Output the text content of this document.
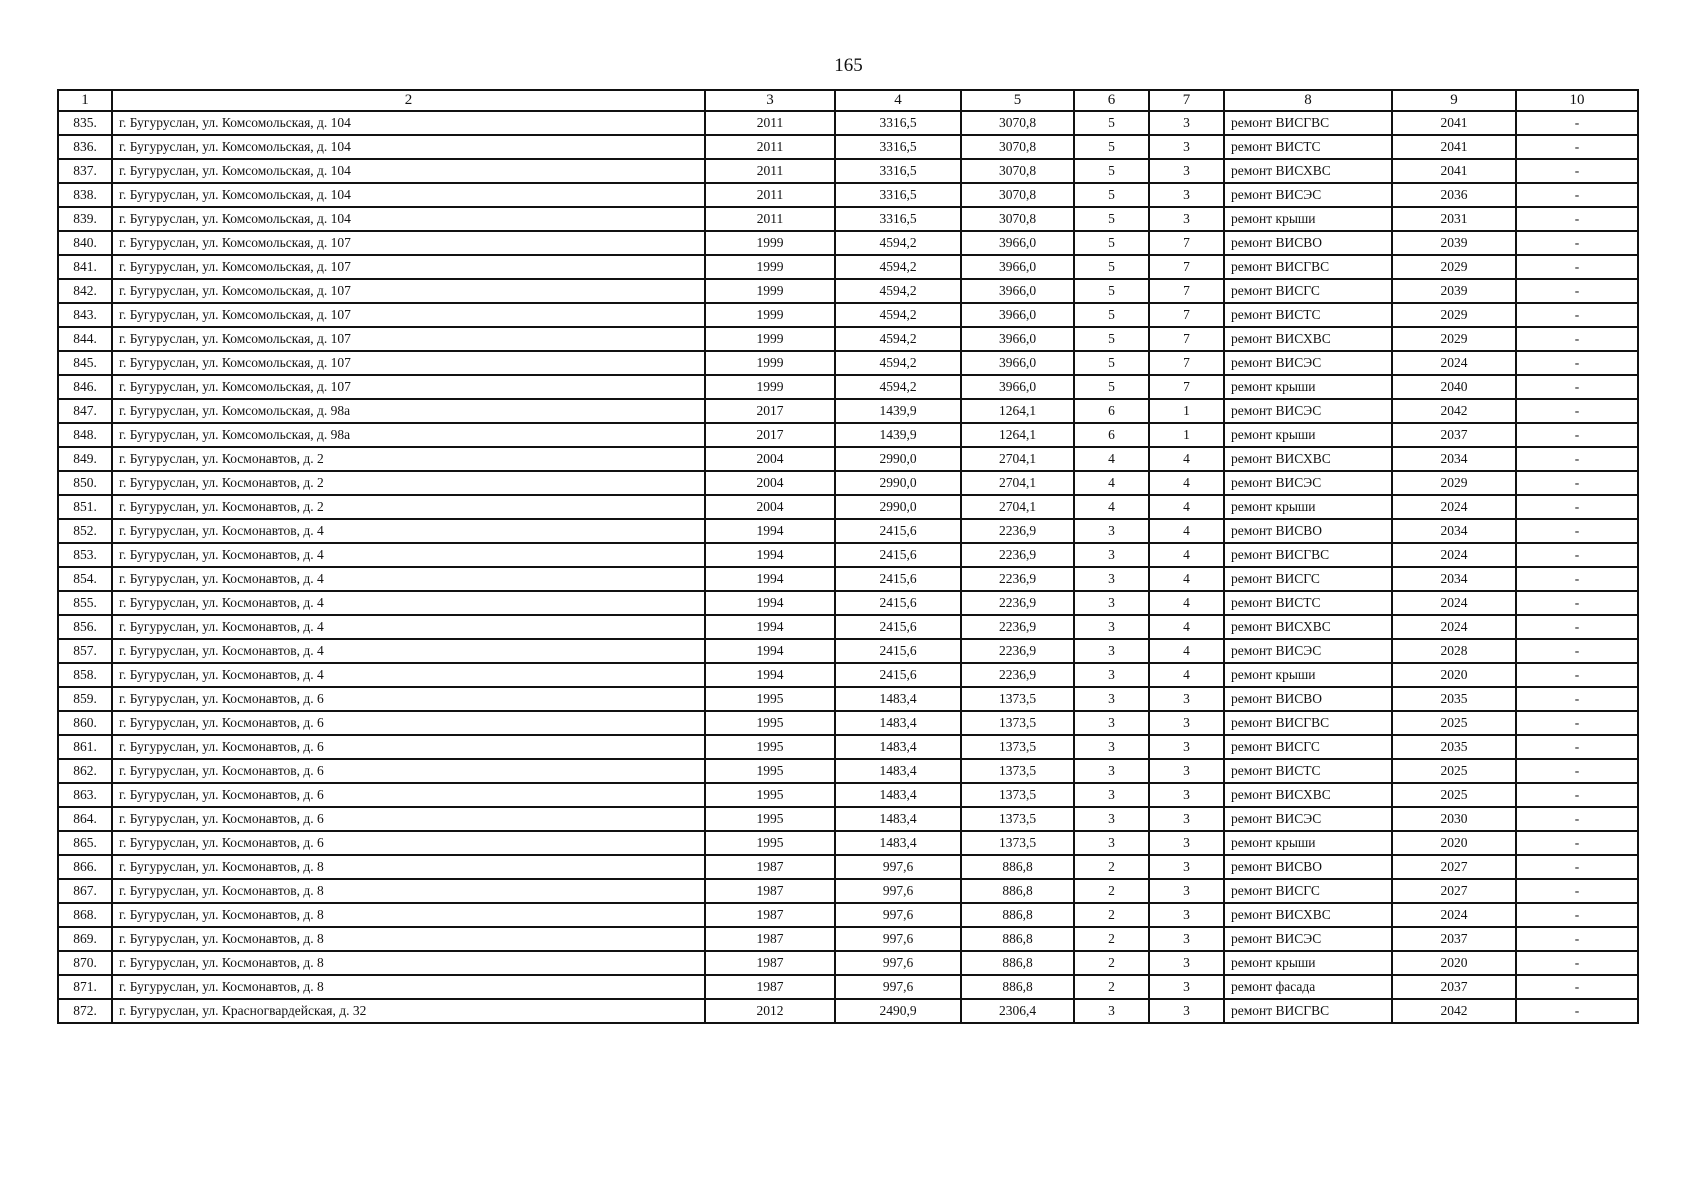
165
1	2	3	4	5	6	7	8	9	10
835.	г. Бугуруслан, ул. Комсомольская, д. 104	2011	3316,5	3070,8	5	3	ремонт ВИСГВС	2041	-
836.	г. Бугуруслан, ул. Комсомольская, д. 104	2011	3316,5	3070,8	5	3	ремонт ВИСТС	2041	-
837.	г. Бугуруслан, ул. Комсомольская, д. 104	2011	3316,5	3070,8	5	3	ремонт ВИСХВС	2041	-
838.	г. Бугуруслан, ул. Комсомольская, д. 104	2011	3316,5	3070,8	5	3	ремонт ВИСЭС	2036	-
839.	г. Бугуруслан, ул. Комсомольская, д. 104	2011	3316,5	3070,8	5	3	ремонт крыши	2031	-
840.	г. Бугуруслан, ул. Комсомольская, д. 107	1999	4594,2	3966,0	5	7	ремонт ВИСВО	2039	-
841.	г. Бугуруслан, ул. Комсомольская, д. 107	1999	4594,2	3966,0	5	7	ремонт ВИСГВС	2029	-
842.	г. Бугуруслан, ул. Комсомольская, д. 107	1999	4594,2	3966,0	5	7	ремонт ВИСГС	2039	-
843.	г. Бугуруслан, ул. Комсомольская, д. 107	1999	4594,2	3966,0	5	7	ремонт ВИСТС	2029	-
844.	г. Бугуруслан, ул. Комсомольская, д. 107	1999	4594,2	3966,0	5	7	ремонт ВИСХВС	2029	-
845.	г. Бугуруслан, ул. Комсомольская, д. 107	1999	4594,2	3966,0	5	7	ремонт ВИСЭС	2024	-
846.	г. Бугуруслан, ул. Комсомольская, д. 107	1999	4594,2	3966,0	5	7	ремонт крыши	2040	-
847.	г. Бугуруслан, ул. Комсомольская, д. 98а	2017	1439,9	1264,1	6	1	ремонт ВИСЭС	2042	-
848.	г. Бугуруслан, ул. Комсомольская, д. 98а	2017	1439,9	1264,1	6	1	ремонт крыши	2037	-
849.	г. Бугуруслан, ул. Космонавтов, д. 2	2004	2990,0	2704,1	4	4	ремонт ВИСХВС	2034	-
850.	г. Бугуруслан, ул. Космонавтов, д. 2	2004	2990,0	2704,1	4	4	ремонт ВИСЭС	2029	-
851.	г. Бугуруслан, ул. Космонавтов, д. 2	2004	2990,0	2704,1	4	4	ремонт крыши	2024	-
852.	г. Бугуруслан, ул. Космонавтов, д. 4	1994	2415,6	2236,9	3	4	ремонт ВИСВО	2034	-
853.	г. Бугуруслан, ул. Космонавтов, д. 4	1994	2415,6	2236,9	3	4	ремонт ВИСГВС	2024	-
854.	г. Бугуруслан, ул. Космонавтов, д. 4	1994	2415,6	2236,9	3	4	ремонт ВИСГС	2034	-
855.	г. Бугуруслан, ул. Космонавтов, д. 4	1994	2415,6	2236,9	3	4	ремонт ВИСТС	2024	-
856.	г. Бугуруслан, ул. Космонавтов, д. 4	1994	2415,6	2236,9	3	4	ремонт ВИСХВС	2024	-
857.	г. Бугуруслан, ул. Космонавтов, д. 4	1994	2415,6	2236,9	3	4	ремонт ВИСЭС	2028	-
858.	г. Бугуруслан, ул. Космонавтов, д. 4	1994	2415,6	2236,9	3	4	ремонт крыши	2020	-
859.	г. Бугуруслан, ул. Космонавтов, д. 6	1995	1483,4	1373,5	3	3	ремонт ВИСВО	2035	-
860.	г. Бугуруслан, ул. Космонавтов, д. 6	1995	1483,4	1373,5	3	3	ремонт ВИСГВС	2025	-
861.	г. Бугуруслан, ул. Космонавтов, д. 6	1995	1483,4	1373,5	3	3	ремонт ВИСГС	2035	-
862.	г. Бугуруслан, ул. Космонавтов, д. 6	1995	1483,4	1373,5	3	3	ремонт ВИСТС	2025	-
863.	г. Бугуруслан, ул. Космонавтов, д. 6	1995	1483,4	1373,5	3	3	ремонт ВИСХВС	2025	-
864.	г. Бугуруслан, ул. Космонавтов, д. 6	1995	1483,4	1373,5	3	3	ремонт ВИСЭС	2030	-
865.	г. Бугуруслан, ул. Космонавтов, д. 6	1995	1483,4	1373,5	3	3	ремонт крыши	2020	-
866.	г. Бугуруслан, ул. Космонавтов, д. 8	1987	997,6	886,8	2	3	ремонт ВИСВО	2027	-
867.	г. Бугуруслан, ул. Космонавтов, д. 8	1987	997,6	886,8	2	3	ремонт ВИСГС	2027	-
868.	г. Бугуруслан, ул. Космонавтов, д. 8	1987	997,6	886,8	2	3	ремонт ВИСХВС	2024	-
869.	г. Бугуруслан, ул. Космонавтов, д. 8	1987	997,6	886,8	2	3	ремонт ВИСЭС	2037	-
870.	г. Бугуруслан, ул. Космонавтов, д. 8	1987	997,6	886,8	2	3	ремонт крыши	2020	-
871.	г. Бугуруслан, ул. Космонавтов, д. 8	1987	997,6	886,8	2	3	ремонт фасада	2037	-
872.	г. Бугуруслан, ул. Красногвардейская, д. 32	2012	2490,9	2306,4	3	3	ремонт ВИСГВС	2042	-
